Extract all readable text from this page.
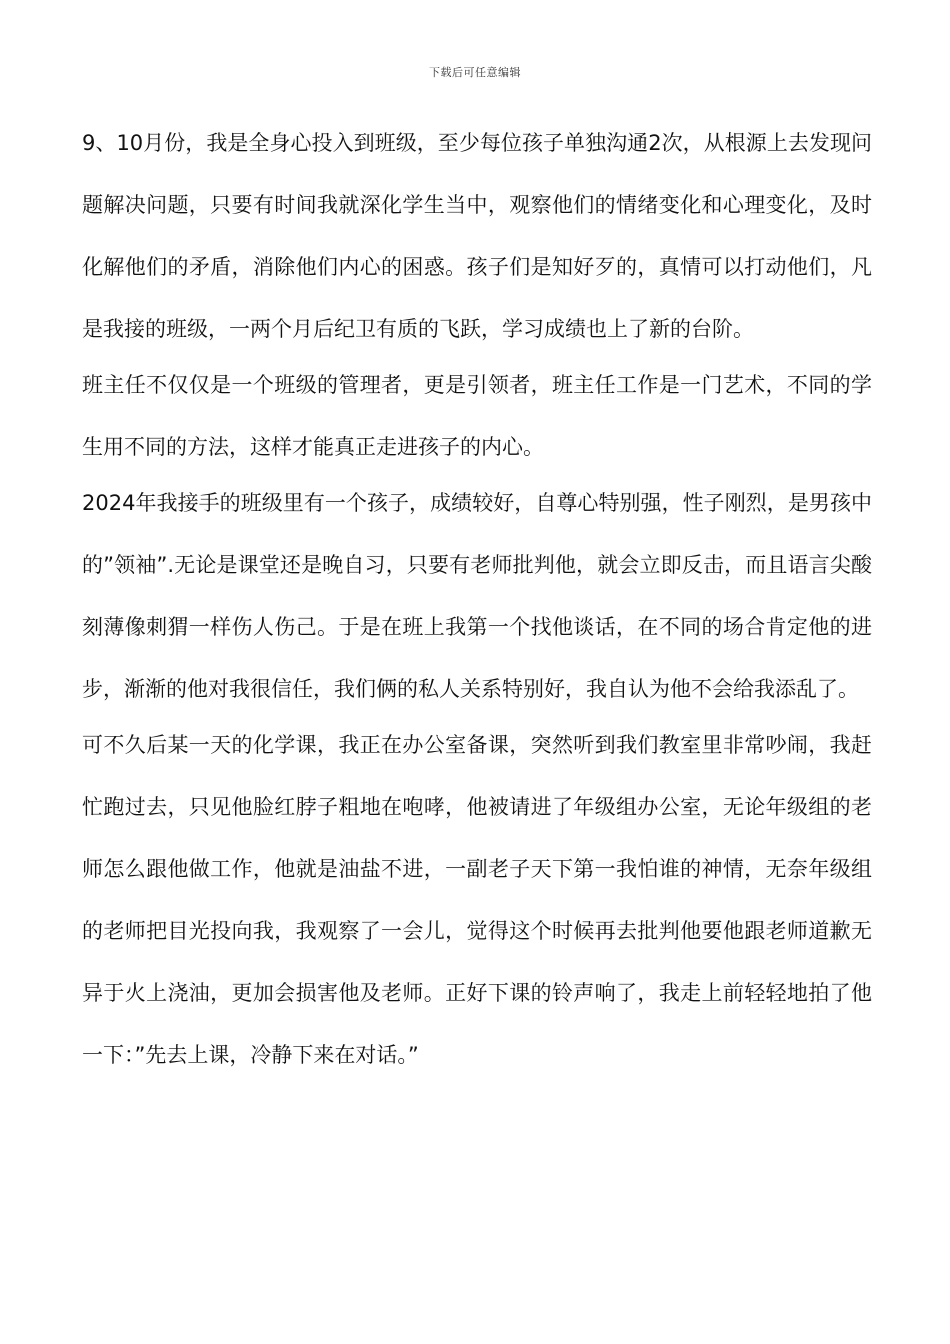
下载后可任意编辑

9、10月份，我是全身心投入到班级，至少每位孩子单独沟通2次，从根源上去发现问题解决问题，只要有时间我就深化学生当中，观察他们的情绪变化和心理变化，及时化解他们的矛盾，消除他们内心的困惑。孩子们是知好歹的，真情可以打动他们，凡是我接的班级，一两个月后纪卫有质的飞跃，学习成绩也上了新的台阶。

班主任不仅仅是一个班级的管理者，更是引领者，班主任工作是一门艺术，不同的学生用不同的方法，这样才能真正走进孩子的内心。

2024年我接手的班级里有一个孩子，成绩较好，自尊心特别强，性子刚烈，是男孩中的”领袖”.无论是课堂还是晚自习，只要有老师批判他，就会立即反击，而且语言尖酸刻薄像刺猬一样伤人伤己。于是在班上我第一个找他谈话，在不同的场合肯定他的进步，渐渐的他对我很信任，我们俩的私人关系特别好，我自认为他不会给我添乱了。

可不久后某一天的化学课，我正在办公室备课，突然听到我们教室里非常吵闹，我赶忙跑过去，只见他脸红脖子粗地在咆哮，他被请进了年级组办公室，无论年级组的老师怎么跟他做工作，他就是油盐不进，一副老子天下第一我怕谁的神情，无奈年级组的老师把目光投向我，我观察了一会儿，觉得这个时候再去批判他要他跟老师道歉无异于火上浇油，更加会损害他及老师。正好下课的铃声响了，我走上前轻轻地拍了他一下：”先去上课，冷静下来在对话。”
